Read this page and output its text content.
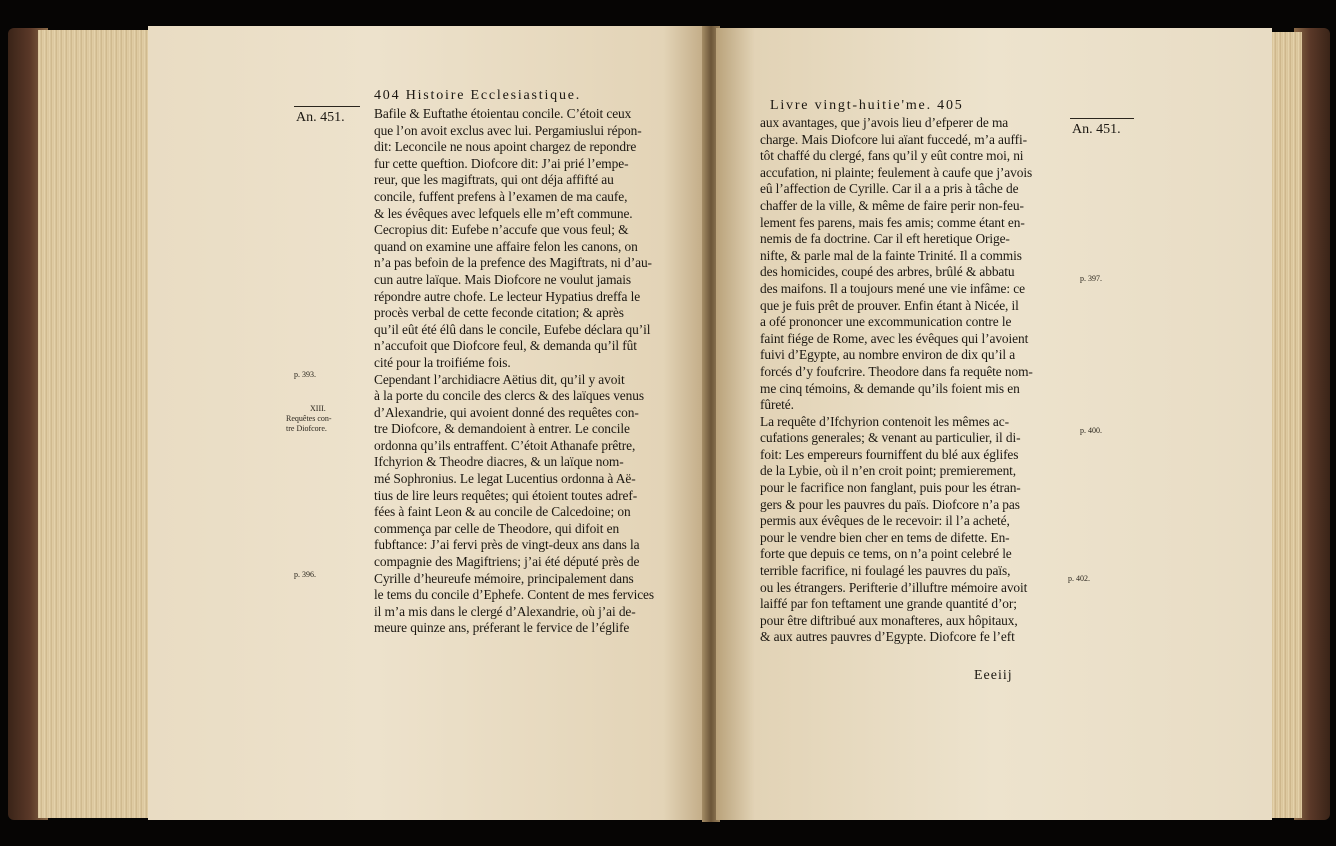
404 Histoire Ecclesiastique.
An. 451. Bafile & Euftathe étoientau concile. C’étoit ceux
que l’on avoit exclus avec lui. Pergamiuslui répon-
dit: Leconcile ne nous apoint chargez de repondre
fur cette queftion. Diofcore dit: J’ai prié l’empe-
reur, que les magiftrats, qui ont déja affifté au
concile, fuffent prefens à l’examen de ma caufe,
& les évêques avec lefquels elle m’eft commune.
Cecropius dit: Eufebe n’accufe que vous feul; &
quand on examine une affaire felon les canons, on
n’a pas befoin de la prefence des Magiftrats, ni d’au-
cun autre laïque. Mais Diofcore ne voulut jamais
répondre autre chofe. Le lecteur Hypatius dreffa le
procès verbal de cette feconde citation; & après
qu’il eût été élû dans le concile, Eufebe déclara qu’il
n’accufoit que Diofcore feul, & demanda qu’il fût
cité pour la troifiéme fois.
Cependant l’archidiacre Aëtius dit, qu’il y avoit
à la porte du concile des clercs & des laïques venus
d’Alexandrie, qui avoient donné des requêtes con-
tre Diofcore, & demandoient à entrer. Le concile
ordonna qu’ils entraffent. C’étoit Athanafe prêtre,
Ifchyrion & Theodre diacres, & un laïque nom-
mé Sophronius. Le legat Lucentius ordonna à Aë-
tius de lire leurs requêtes; qui étoient toutes adref-
fées à faint Leon & au concile de Calcedoine; on
commença par celle de Theodore, qui difoit en
fubftance: J’ai fervi près de vingt-deux ans dans la
compagnie des Magiftriens; j’ai été député près de
Cyrille d’heureufe mémoire, principalement dans
le tems du concile d’Ephefe. Content de mes fervices
il m’a mis dans le clergé d’Alexandrie, où j’ai de-
meure quinze ans, préferant le fervice de l’églife
p. 393.
XIII.
Requêtes con-
tre Diofcore.
p. 396.
Livre vingt-huitie'me. 405
An. 451.
aux avantages, que j’avois lieu d’efperer de ma
charge. Mais Diofcore lui aïant fuccedé, m’a auffi-
tôt chaffé du clergé, fans qu’il y eût contre moi, ni
accufation, ni plainte; feulement à caufe que j’avois
eû l’affection de Cyrille. Car il a a pris à tâche de
chaffer de la ville, & même de faire perir non-feu-
lement fes parens, mais fes amis; comme étant en-
nemis de fa doctrine. Car il eft heretique Orige-
nifte, & parle mal de la fainte Trinité. Il a commis
des homicides, coupé des arbres, brûlé & abbatu
des maifons. Il a toujours mené une vie infâme: ce
que je fuis prêt de prouver. Enfin étant à Nicée, il
a ofé prononcer une excommunication contre le
faint fiége de Rome, avec les évêques qui l’avoient
fuivi d’Egypte, au nombre environ de dix qu’il a
forcés d’y foufcrire. Theodore dans fa requête nom-
me cinq témoins, & demande qu’ils foient mis en
fûreté.
La requête d’Ifchyrion contenoit les mêmes ac-
cufations generales; & venant au particulier, il di-
foit: Les empereurs fourniffent du blé aux églifes
de la Lybie, où il n’en croit point; premierement,
pour le facrifice non fanglant, puis pour les étran-
gers & pour les pauvres du païs. Diofcore n’a pas
permis aux évêques de le recevoir: il l’a acheté,
pour le vendre bien cher en tems de difette. En-
forte que depuis ce tems, on n’a point celebré le
terrible facrifice, ni foulagé les pauvres du païs,
ou les étrangers. Perifterie d’illuftre mémoire avoit
laiffé par fon teftament une grande quantité d’or;
pour être diftribué aux monafteres, aux hôpitaux,
& aux autres pauvres d’Egypte. Diofcore fe l’eft
p. 397.
p. 400.
p. 402.
Eeeiij
